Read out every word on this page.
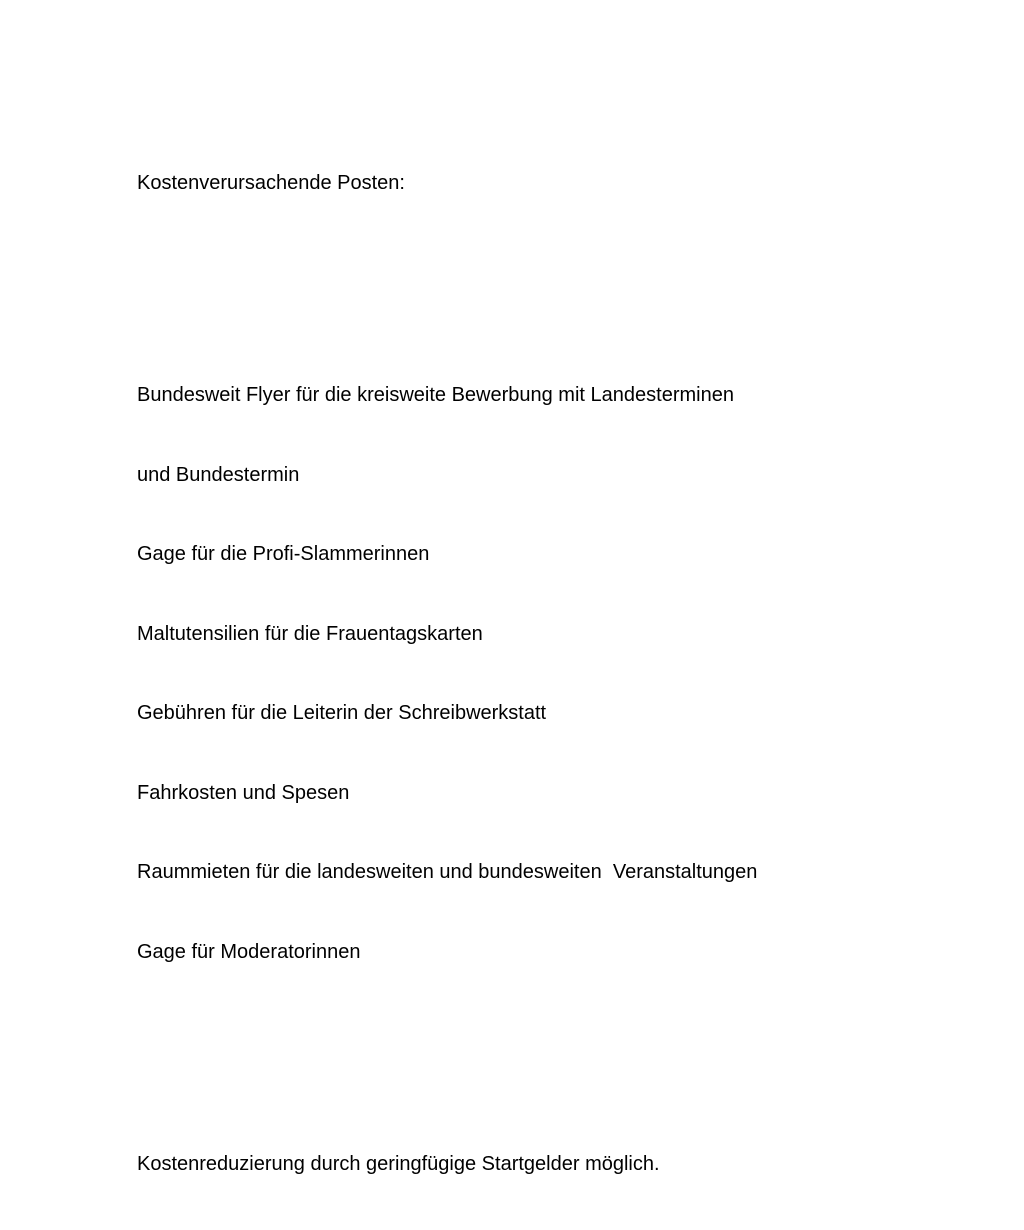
Kostenverursachende Posten:

Bundesweit Flyer für die kreisweite Bewerbung mit Landesterminen

und Bundestermin

Gage für die Profi-Slammerinnen

Maltutensilien für die Frauentagskarten

Gebühren für die Leiterin der Schreibwerkstatt

Fahrkosten und Spesen

Raummieten für die landesweiten und bundesweiten  Veranstaltungen

Gage für Moderatorinnen

Kostenreduzierung durch geringfügige Startgelder möglich.
